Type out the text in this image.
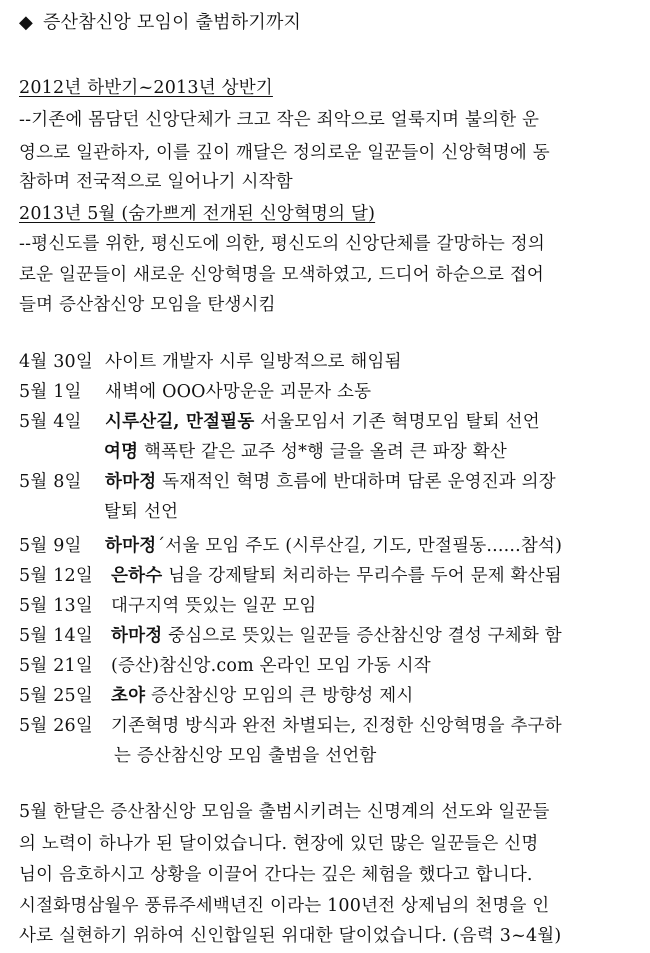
◆ 증산참신앙 모임이 출범하기까지
2012년 하반기~2013년 상반기
--기존에 몸담던 신앙단체가 크고 작은 죄악으로 얼룩지며 불의한 운
영으로 일관하자, 이를 깊이 깨달은 정의로운 일꾼들이 신앙혁명에 동
참하며 전국적으로 일어나기 시작함
2013년 5월 (숨가쁘게 전개된 신앙혁명의 달)
--평신도를 위한, 평신도에 의한, 평신도의 신앙단체를 갈망하는 정의
로운 일꾼들이 새로운 신앙혁명을 모색하였고, 드디어 하순으로 접어
들며 증산참신앙 모임을 탄생시킴
4월 30일 사이트 개발자 시루 일방적으로 해임됨
5월 1일 새벽에 OOO사망운운 괴문자 소동
5월 4일 시루산길, 만절필동 서울모임서 기존 혁명모임 탈퇴 선언
여명 핵폭탄 같은 교주 성*행 글을 올려 큰 파장 확산
5월 8일 하마정 독재적인 혁명 흐름에 반대하며 담론 운영진과 의장
탈퇴 선언
5월 9일 하마정´서울 모임 주도 (시루산길, 기도, 만절필동......참석)
5월 12일 은하수 님을 강제탈퇴 처리하는 무리수를 두어 문제 확산됨
5월 13일 대구지역 뜻있는 일꾼 모임
5월 14일 하마정 중심으로 뜻있는 일꾼들 증산참신앙 결성 구체화 함
5월 21일 (증산)참신앙.com 온라인 모임 가동 시작
5월 25일 초야 증산참신앙 모임의 큰 방향성 제시
5월 26일 기존혁명 방식과 완전 차별되는, 진정한 신앙혁명을 추구하
는 증산참신앙 모임 출범을 선언함
5월 한달은 증산참신앙 모임을 출범시키려는 신명계의 선도와 일꾼들
의 노력이 하나가 된 달이었습니다. 현장에 있던 많은 일꾼들은 신명
님이 음호하시고 상황을 이끌어 간다는 깊은 체험을 했다고 합니다.
시절화명삼월우 풍류주세백년진 이라는 100년전 상제님의 천명을 인
사로 실현하기 위하여 신인합일된 위대한 달이었습니다. (음력 3~4월)
